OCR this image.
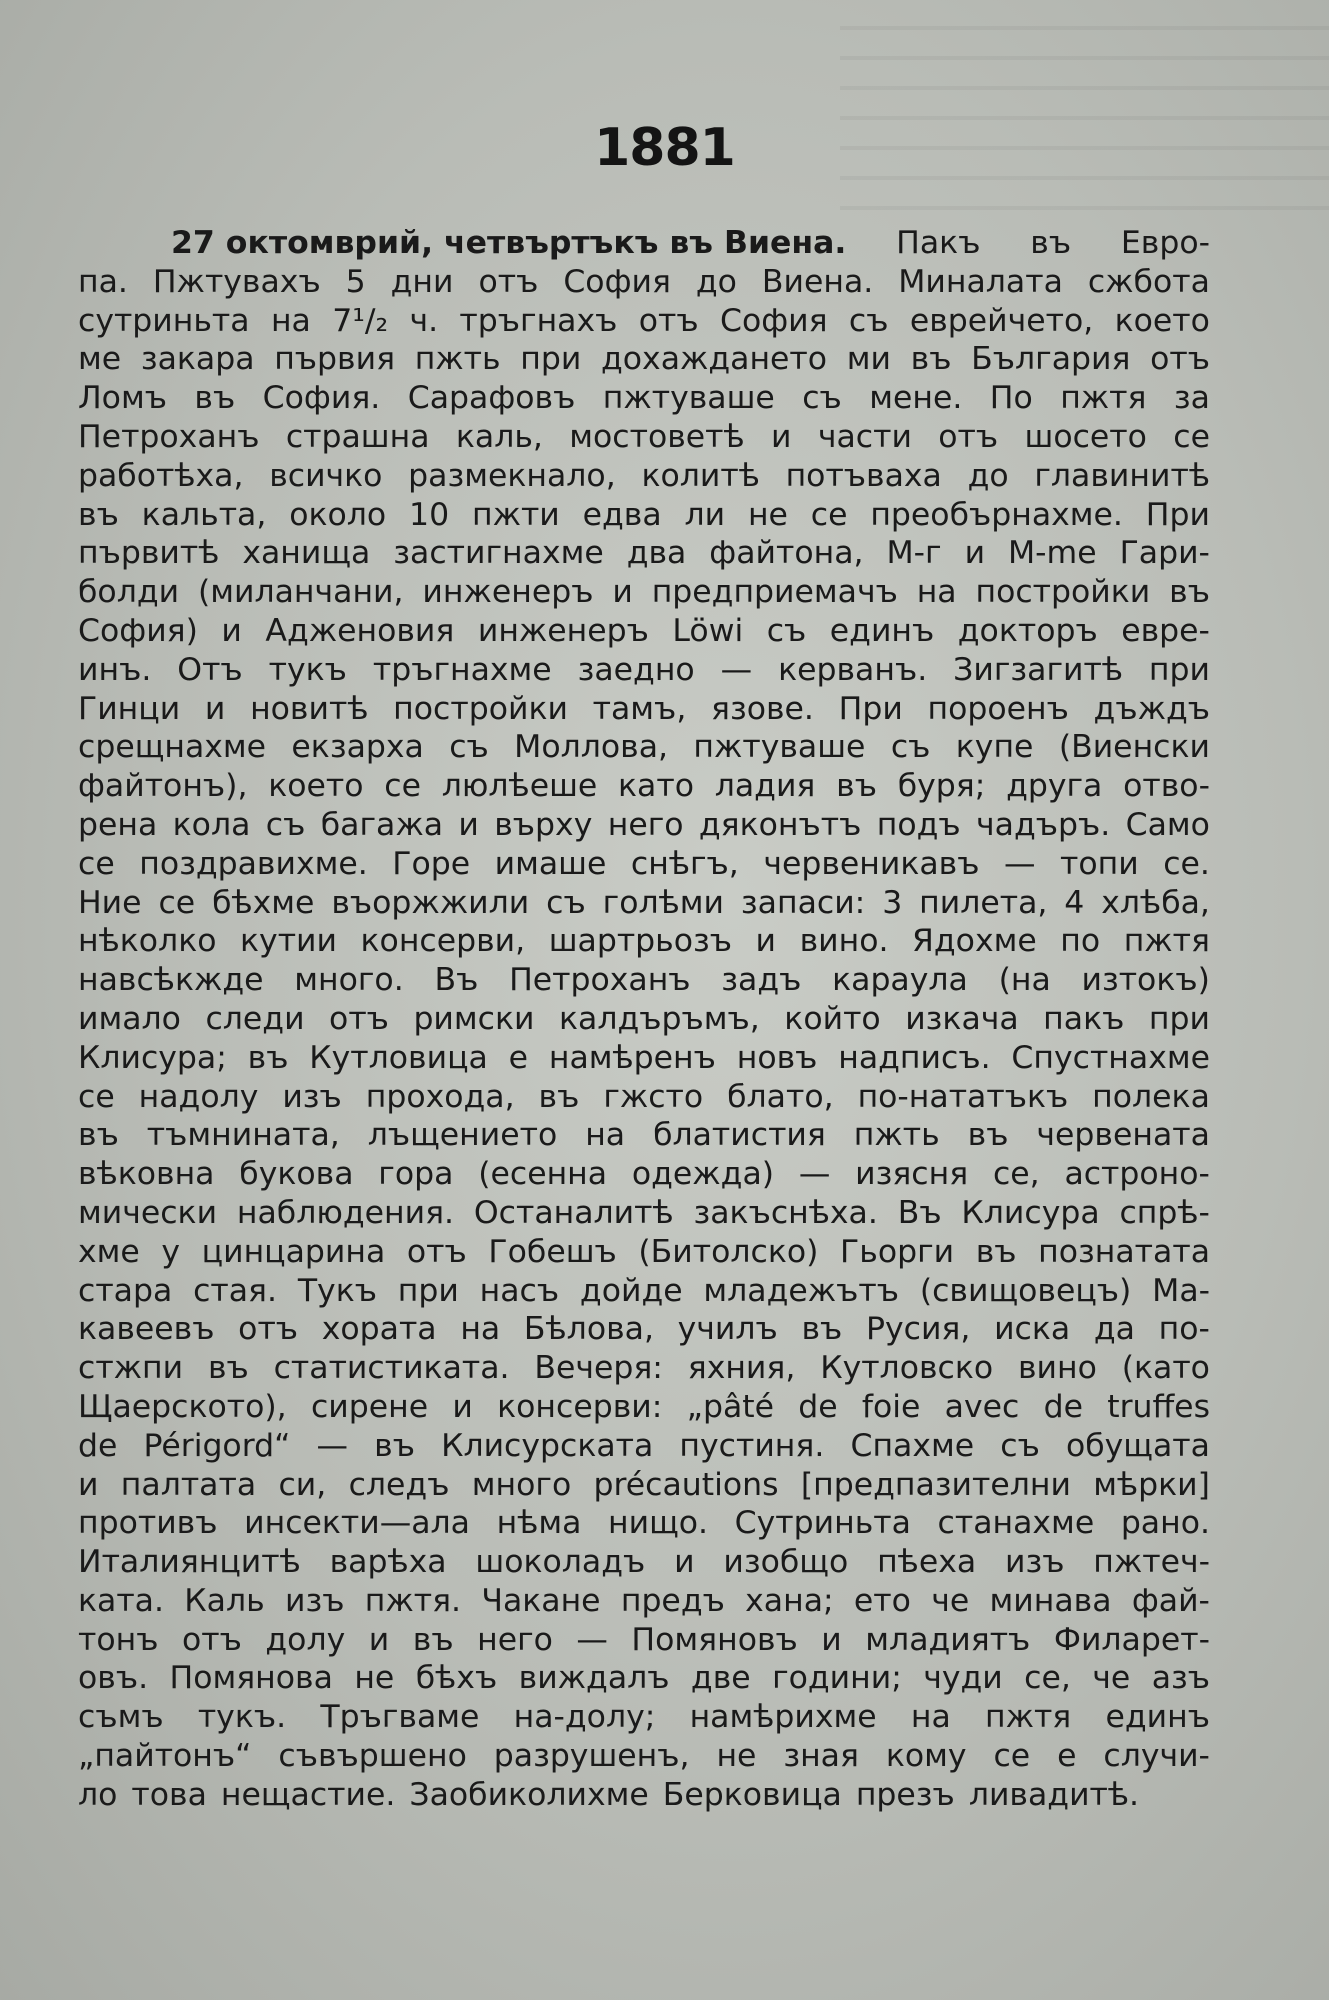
1881
27 октомврий, четвъртъкъ въ Виена. Пакъ въ Евро-
па. Пжтувахъ 5 дни отъ София до Виена. Миналата сжбота
сутриньта на 7¹/₂ ч. тръгнахъ отъ София съ еврейчето, което
ме закара първия пжть при дохаждането ми въ България отъ
Ломъ въ София. Сарафовъ пжтуваше съ мене. По пжтя за
Петроханъ страшна каль, мостоветѣ и части отъ шосето се
работѣха, всичко размекнало, колитѣ потъваха до главинитѣ
въ кальта, около 10 пжти едва ли не се преобърнахме. При
първитѣ ханища застигнахме два файтона, М-г и М-me Гари-
болди (миланчани, инженеръ и предприемачъ на постройки въ
София) и Адженовия инженеръ Löwi съ единъ докторъ еврe-
инъ. Отъ тукъ тръгнахме заедно — керванъ. Зигзагитѣ при
Гинци и новитѣ постройки тамъ, язове. При пороенъ дъждъ
срещнахме екзарха съ Моллова, пжтуваше съ купе (Виенски
файтонъ), което се люлѣеше като ладия въ буря; друга отво-
рена кола съ багажа и върху него дяконътъ подъ чадъръ. Само
се поздравихме. Горе имаше снѣгъ, червеникавъ — топи се.
Ние се бѣхме въоржжили съ голѣми запаси: 3 пилета, 4 хлѣба,
нѣколко кутии консерви, шартрьозъ и вино. Ядохме по пжтя
навсѣкжде много. Въ Петроханъ задъ караула (на изтокъ)
имало следи отъ римски калдъръмъ, който изкача пакъ при
Клисура; въ Кутловица е намѣренъ новъ надписъ. Спустнахме
се надолу изъ прохода, въ гжсто блато, по-нататъкъ полека
въ тъмнината, лъщението на блатистия пжть въ червената
вѣковна букова гора (есенна одежда) — изясня се, астроно-
мически наблюдения. Останалитѣ закъснѣха. Въ Клисура спрѣ-
хме у цинцарина отъ Гобешъ (Битолско) Гьорги въ познатата
стара стая. Тукъ при насъ дойде младежътъ (свищовецъ) Ма-
кавеевъ отъ хората на Бѣлова, училъ въ Русия, иска да по-
стжпи въ статистиката. Вечеря: яхния, Кутловско вино (като
Щаерското), сирене и консерви: „pâté de foie avec de truffes
de Périgord“ — въ Клисурската пустиня. Спахме съ обущата
и палтата си, следъ много précautions [предпазителни мѣрки]
противъ инсекти—ала нѣма нищо. Сутриньта станахме рано.
Италиянцитѣ варѣха шоколадъ и изобщо пѣеха изъ пжтеч-
ката. Каль изъ пжтя. Чакане предъ хана; ето че минава фай-
тонъ отъ долу и въ него — Помяновъ и младиятъ Филарет-
овъ. Помянова не бѣхъ виждалъ две години; чуди се, че азъ
съмъ тукъ. Тръгваме на-долу; намѣрихме на пжтя единъ
„пайтонъ“ съвършено разрушенъ, не зная кому се е случи-
ло това нещастие. Заобиколихме Берковица презъ ливадитѣ.
